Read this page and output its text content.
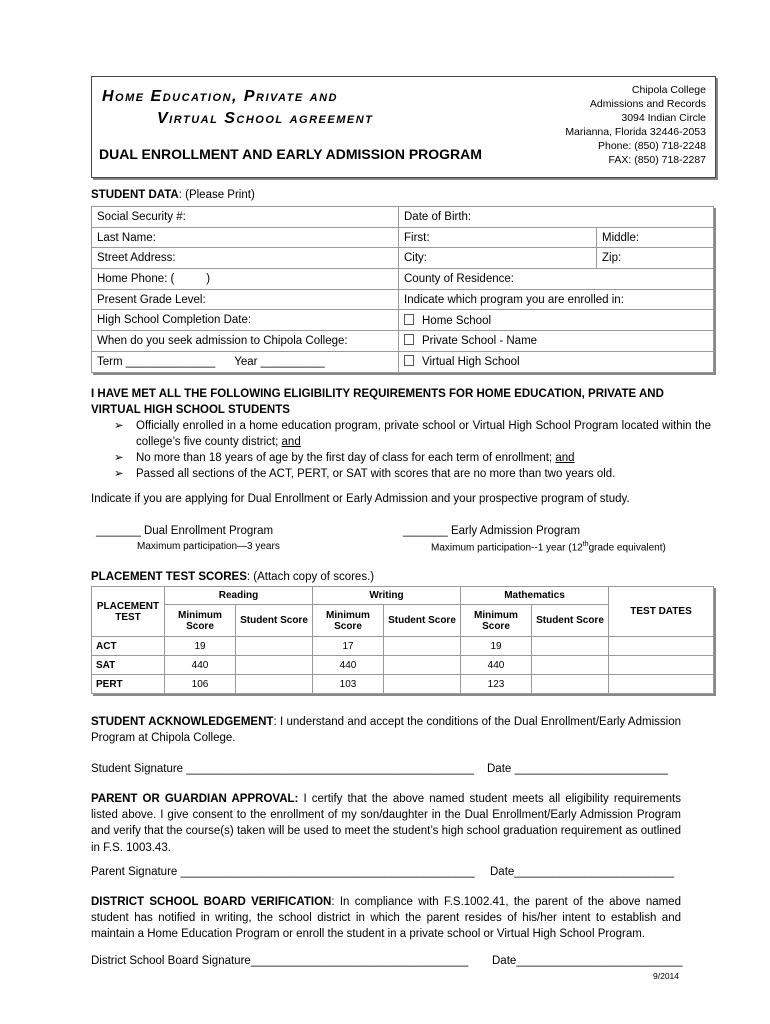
Home Education, Private and
Virtual School agreement
DUAL ENROLLMENT AND EARLY ADMISSION PROGRAM
Chipola College
Admissions and Records
3094 Indian Circle
Marianna, Florida 32446-2053
Phone: (850) 718-2248
FAX: (850) 718-2287
STUDENT DATA: (Please Print)
Social Security #:	Date of Birth:	
Last Name:	First:	Middle:
Street Address:	City:	Zip:
Home Phone: (          )	County of Residence:	
Present Grade Level:	Indicate which program you are enrolled in:	
High School Completion Date:	Home School	
When do you seek admission to Chipola College:	Private School - Name	
Term ______________      Year __________	Virtual High School	
I HAVE MET ALL THE FOLLOWING ELIGIBILITY REQUIREMENTS FOR HOME EDUCATION, PRIVATE AND VIRTUAL HIGH SCHOOL STUDENTS
➢ Officially enrolled in a home education program, private school or Virtual High School Program located within the college’s five county district; and
➢ No more than 18 years of age by the first day of class for each term of enrollment; and
➢ Passed all sections of the ACT, PERT, or SAT with scores that are no more than two years old.
Indicate if you are applying for Dual Enrollment or Early Admission and your prospective program of study.
_______ Dual Enrollment Program
Maximum participation—3 years
_______ Early Admission Program
Maximum participation--1 year (12thgrade equivalent)
PLACEMENT TEST SCORES: (Attach copy of scores.)
PLACEMENT TEST	Reading		Writing		Mathematics		TEST DATES
	Minimum Score	Student Score	Minimum Score	Student Score	Minimum Score	Student Score	
ACT	19		17		19		
SAT	440		440		440		
PERT	106		103		123		
STUDENT ACKNOWLEDGEMENT: I understand and accept the conditions of the Dual Enrollment/Early Admission Program at Chipola College.
Student Signature _____________________________________________ Date ________________________
PARENT OR GUARDIAN APPROVAL: I certify that the above named student meets all eligibility requirements listed above. I give consent to the enrollment of my son/daughter in the Dual Enrollment/Early Admission Program and verify that the course(s) taken will be used to meet the student’s high school graduation requirement as outlined in F.S. 1003.43.
Parent Signature ______________________________________________ Date_________________________
DISTRICT SCHOOL BOARD VERIFICATION: In compliance with F.S.1002.41, the parent of the above named student has notified in writing, the school district in which the parent resides of his/her intent to establish and maintain a Home Education Program or enroll the student in a private school or Virtual High School Program.
District School Board Signature__________________________________ Date__________________________
9/2014
